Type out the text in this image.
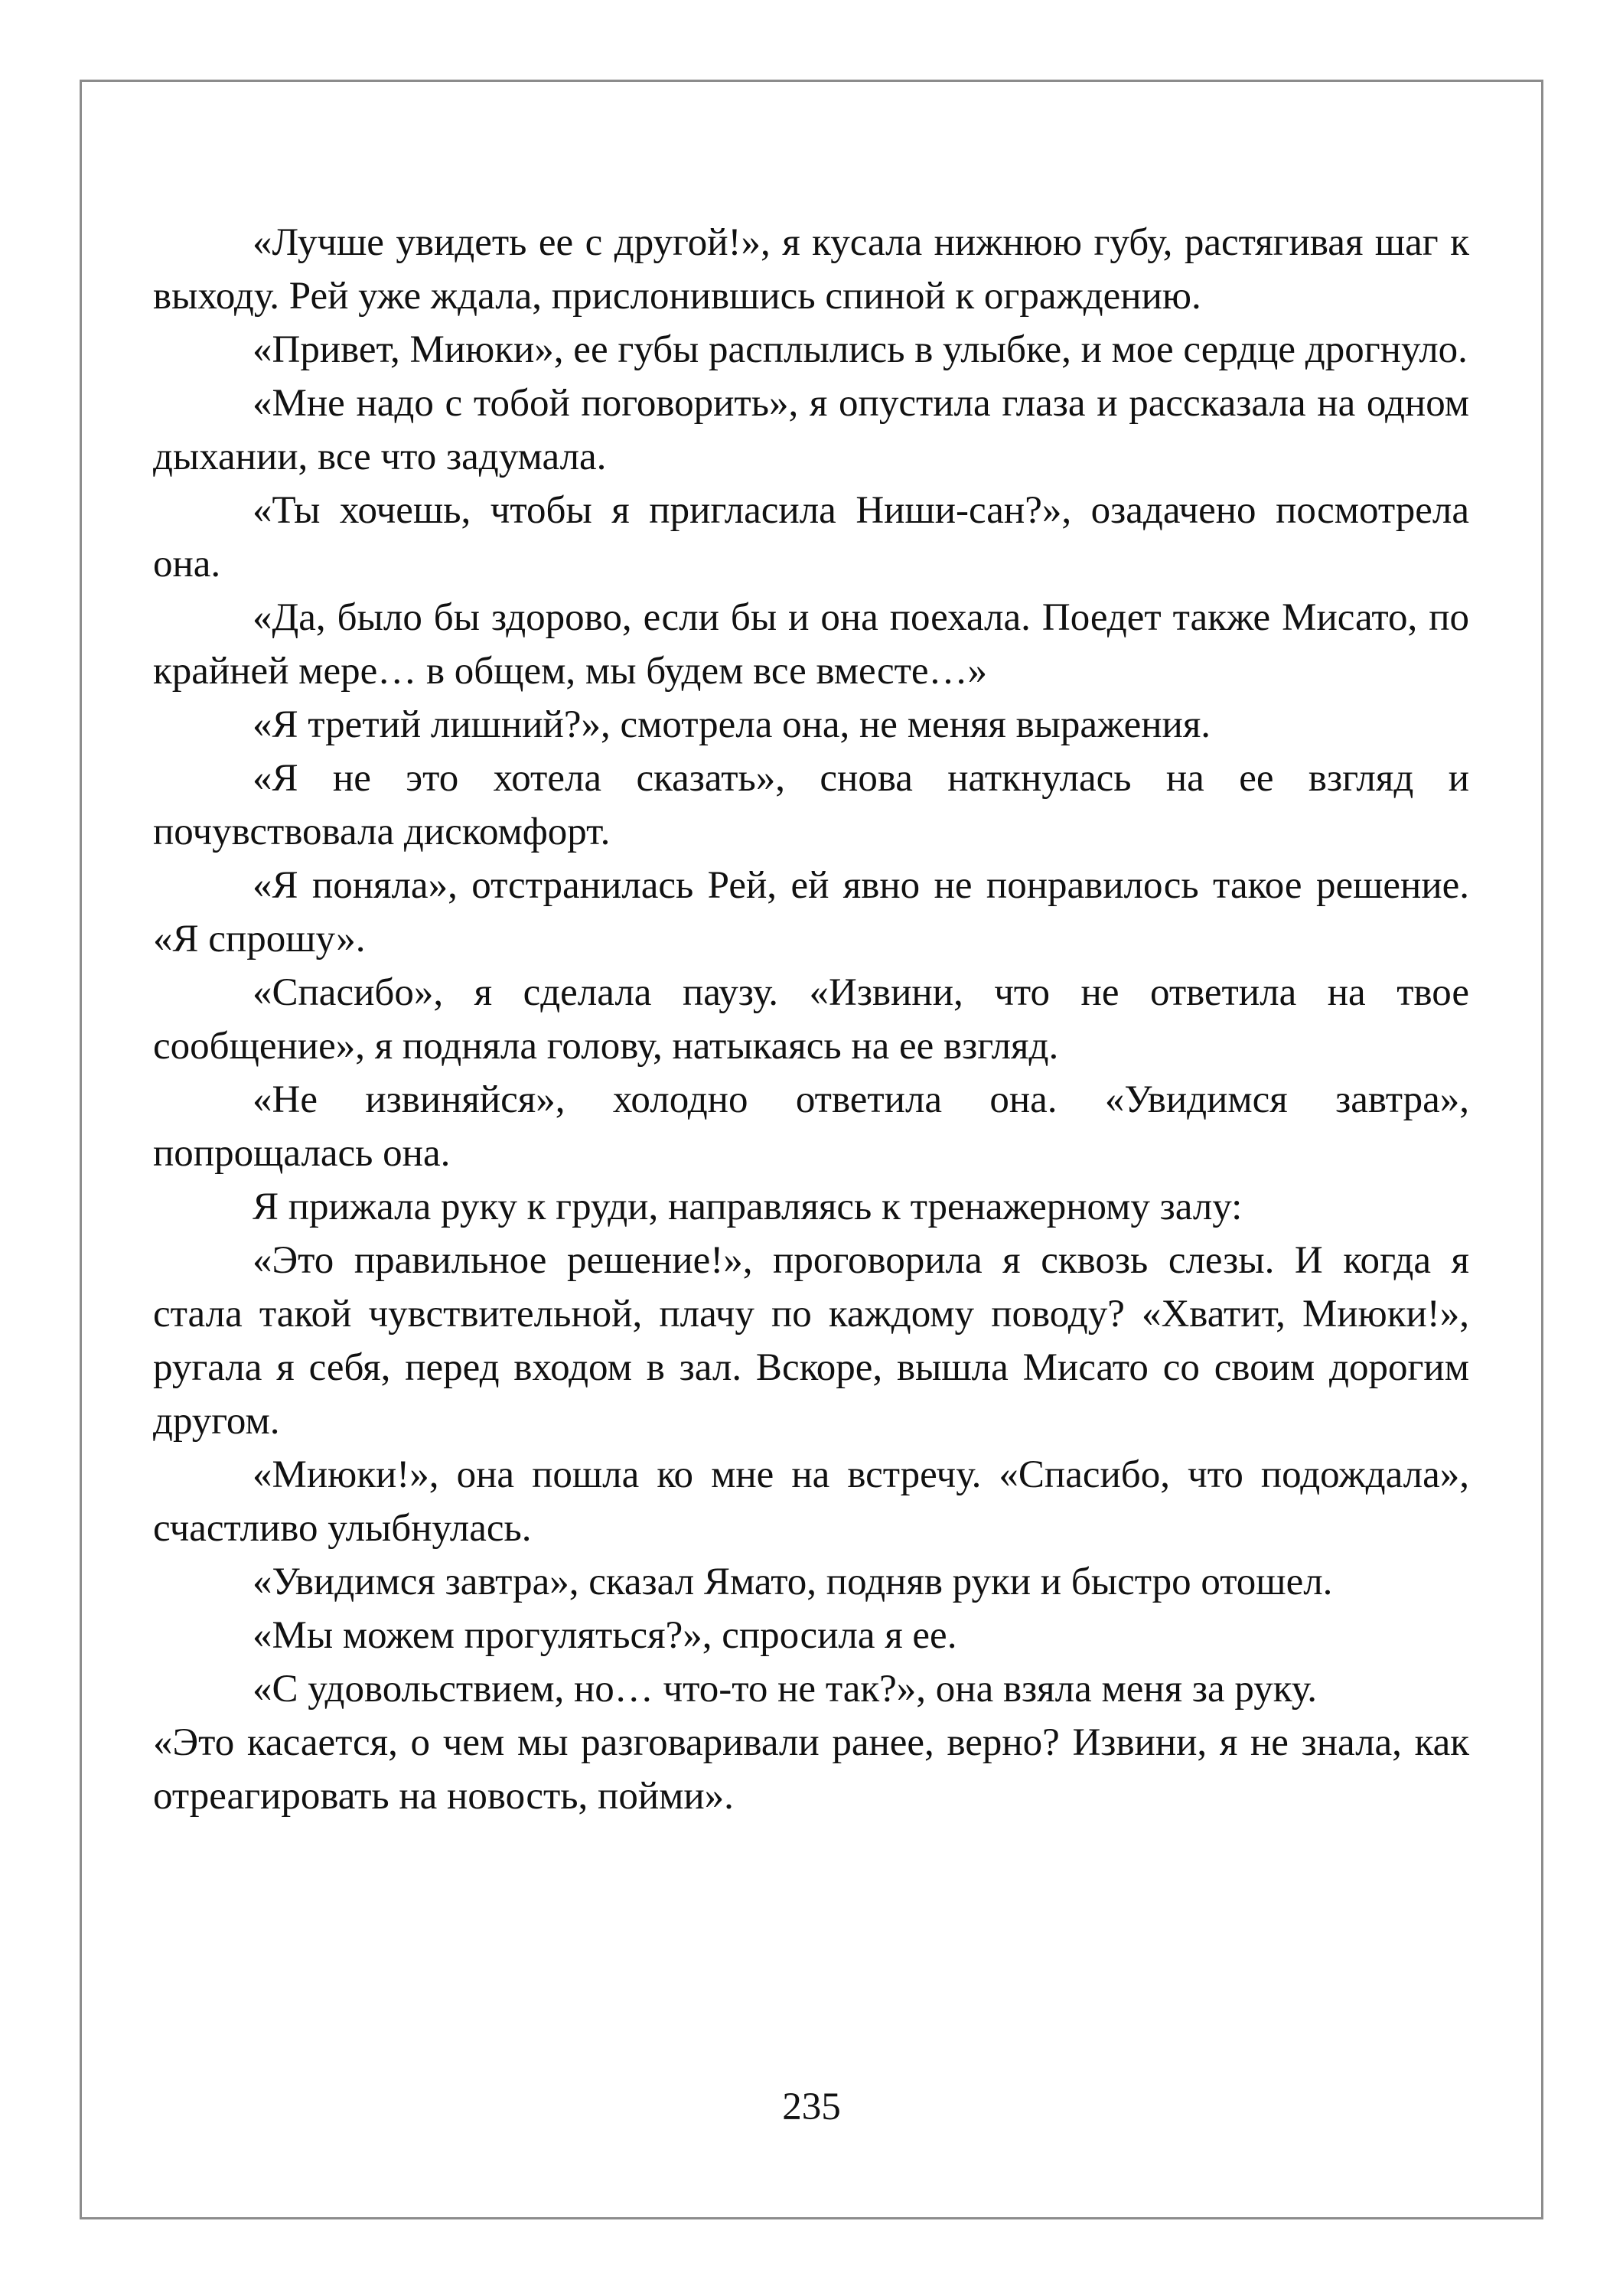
«Лучше увидеть ее с другой!», я кусала нижнюю губу, растягивая шаг к выходу. Рей уже ждала, прислонившись спиной к ограждению.

«Привет, Миюки», ее губы расплылись в улыбке, и мое сердце дрогнуло.

«Мне надо с тобой поговорить», я опустила глаза и рассказала на одном дыхании, все что задумала.

«Ты хочешь, чтобы я пригласила Ниши-сан?», озадачено посмотрела она.

«Да, было бы здорово, если бы и она поехала. Поедет также Мисато, по крайней мере… в общем, мы будем все вместе…»

«Я третий лишний?», смотрела она, не меняя выражения.

«Я не это хотела сказать», снова наткнулась на ее взгляд и почувствовала дискомфорт.

«Я поняла», отстранилась Рей, ей явно не понравилось такое решение. «Я спрошу».

«Спасибо», я сделала паузу. «Извини, что не ответила на твое сообщение», я подняла голову, натыкаясь на ее взгляд.

«Не извиняйся», холодно ответила она. «Увидимся завтра», попрощалась она.

Я прижала руку к груди, направляясь к тренажерному залу:

«Это правильное решение!», проговорила я сквозь слезы. И когда я стала такой чувствительной, плачу по каждому поводу? «Хватит, Миюки!», ругала я себя, перед входом в зал. Вскоре, вышла Мисато со своим дорогим другом.

«Миюки!», она пошла ко мне на встречу. «Спасибо, что подождала», счастливо улыбнулась.

«Увидимся завтра», сказал Ямато, подняв руки и быстро отошел.

«Мы можем прогуляться?», спросила я ее.

«С удовольствием, но… что-то не так?», она взяла меня за руку.

«Это касается, о чем мы разговаривали ранее, верно? Извини, я не знала, как отреагировать на новость, пойми».

235
